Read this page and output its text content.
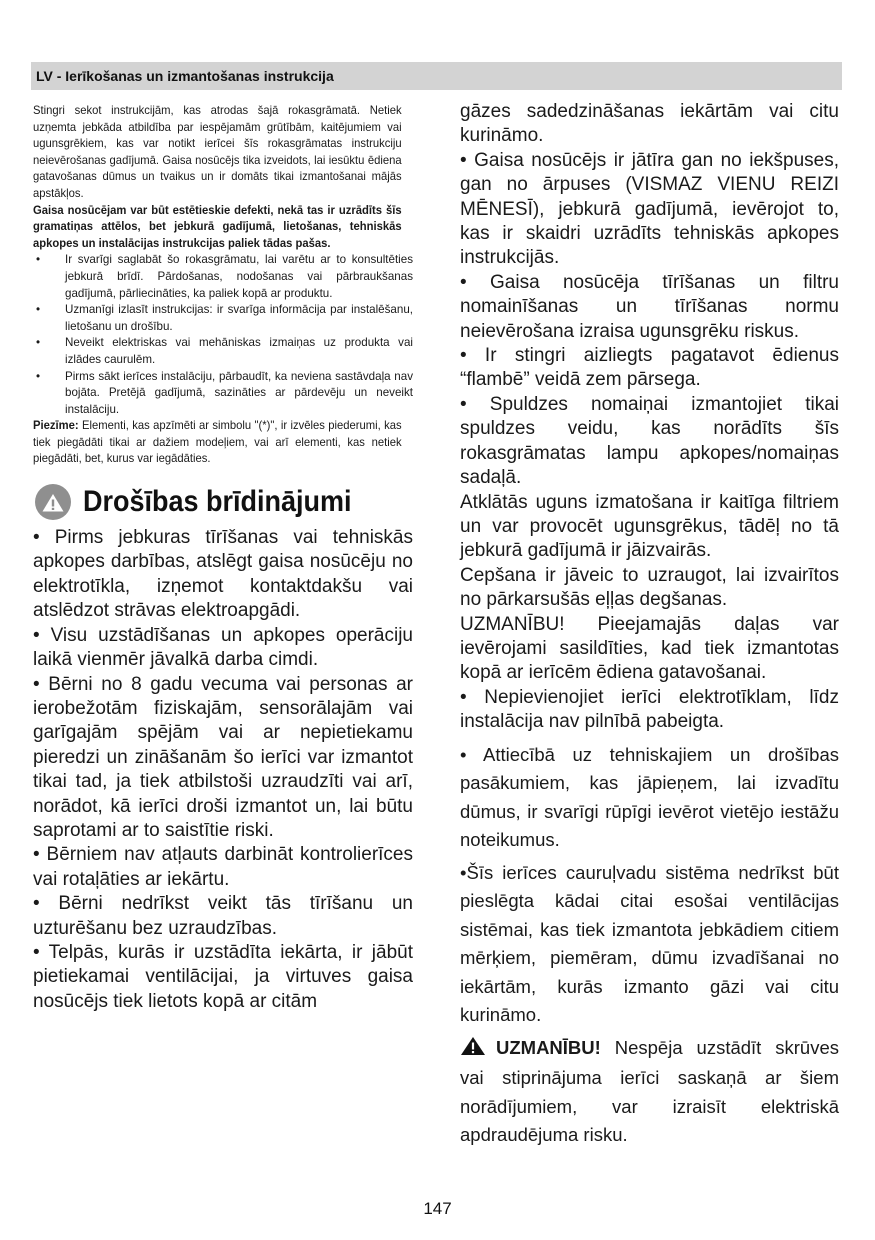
LV - Ierīkošanas un izmantošanas instrukcija

Stingri sekot instrukcijām, kas atrodas šajā rokasgrāmatā. Netiek uzņemta jebkāda atbildība par iespējamām grūtībām, kaitējumiem vai ugunsgrēkiem, kas var notikt ierīcei šīs rokasgrāmatas instrukciju neievērošanas gadījumā. Gaisa nosūcējs tika izveidots, lai iesūktu ēdiena gatavošanas dūmus un tvaikus un ir domāts tikai izmantošanai mājās apstākļos.

Gaisa nosūcējam var būt estētieskie defekti, nekā tas ir uzrādīts šīs gramatiņas attēlos, bet jebkurā gadījumā, lietošanas, tehniskās apkopes un instalācijas instrukcijas paliek tādas pašas.

• Ir svarīgi saglabāt šo rokasgrāmatu, lai varētu ar to konsultēties jebkurā brīdī. Pārdošanas, nodošanas vai pārbraukšanas gadījumā, pārliecināties, ka paliek kopā ar produktu.
• Uzmanīgi izlasīt instrukcijas: ir svarīga informācija par instalēšanu, lietošanu un drošību.
• Neveikt elektriskas vai mehāniskas izmaiņas uz produkta vai izlādes caurulēm.
• Pirms sākt ierīces instalāciju, pārbaudīt, ka neviena sastāvdaļa nav bojāta. Pretējā gadījumā, sazināties ar pārdevēju un neveikt instalāciju.

Piezīme: Elementi, kas apzīmēti ar simbolu "(*)", ir izvēles piederumi, kas tiek piegādāti tikai ar dažiem modeļiem, vai arī elementi, kas netiek piegādāti, bet, kurus var iegādāties.

Drošības brīdinājumi

• Pirms jebkuras tīrīšanas vai tehniskās apkopes darbības, atslēgt gaisa nosūcēju no elektrotīkla, izņemot kontaktdakšu vai atslēdzot strāvas elektroapgādi.

• Visu uzstādīšanas un apkopes operāciju laikā vienmēr jāvalkā darba cimdi.

• Bērni no 8 gadu vecuma vai personas ar ierobežotām fiziskajām, sensorālajām vai garīgajām spējām vai ar nepietiekamu pieredzi un zināšanām šo ierīci var izmantot tikai tad, ja tiek atbilstoši uzraudzīti vai arī, norādot, kā ierīci droši izmantot un, lai būtu saprotami ar to saistītie riski.

• Bērniem nav atļauts darbināt kontrolierīces vai rotaļāties ar iekārtu.

• Bērni nedrīkst veikt tās tīrīšanu un uzturēšanu bez uzraudzības.

• Telpās, kurās ir uzstādīta iekārta, ir jābūt pietiekamai ventilācijai, ja virtuves gaisa nosūcējs tiek lietots kopā ar citām

gāzes sadedzināšanas iekārtām vai citu kurināmo.

• Gaisa nosūcējs ir jātīra gan no iekšpuses, gan no ārpuses (VISMAZ VIENU REIZI MĒNESĪ), jebkurā gadījumā, ievērojot to, kas ir skaidri uzrādīts tehniskās apkopes instrukcijās.

• Gaisa nosūcēja tīrīšanas un filtru nomainīšanas un tīrīšanas normu neievērošana izraisa ugunsgrēku riskus.

• Ir stingri aizliegts pagatavot ēdienus “flambē” veidā zem pārsega.

• Spuldzes nomaiņai izmantojiet tikai spuldzes veidu, kas norādīts šīs rokasgrāmatas lampu apkopes/nomaiņas sadaļā.

Atklātās uguns izmatošana ir kaitīga filtriem un var provocēt ugunsgrēkus, tādēļ no tā jebkurā gadījumā ir jāizvairās.

Cepšana ir jāveic to uzraugot, lai izvairītos no pārkarsušās eļļas degšanas.

UZMANĪBU! Pieejamajās daļas var ievērojami sasildīties, kad tiek izmantotas kopā ar ierīcēm ēdiena gatavošanai.

• Nepievienojiet ierīci elektrotīklam, līdz instalācija nav pilnībā pabeigta.

• Attiecībā uz tehniskajiem un drošības pasākumiem, kas jāpieņem, lai izvadītu dūmus, ir svarīgi rūpīgi ievērot vietējo iestāžu noteikumus.

•Šīs ierīces cauruļvadu sistēma nedrīkst būt pieslēgta kādai citai esošai ventilācijas sistēmai, kas tiek izmantota jebkādiem citiem mērķiem, piemēram, dūmu izvadīšanai no iekārtām, kurās izmanto gāzi vai citu kurināmo.

UZMANĪBU! Nespēja uzstādīt skrūves vai stiprinājuma ierīci saskaņā ar šiem norādījumiem, var izraisīt elektriskā apdraudējuma risku.

147
